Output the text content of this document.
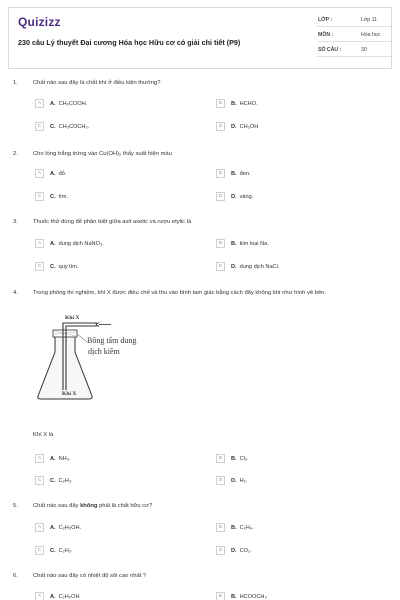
Quizizz
230 câu Lý thuyết Đại cương Hóa học Hữu cơ có giải chi tiết (P9)
LỚP :	Lớp 11
MÔN :	Hóa học
SỐ CÂU :	30
1.	Chất nào sau đây là chất khí ở điều kiện thường?
A	A. CH₃COOH.	B	B. HCHO.
C	C. CH₃COCH₃.	D	D. CH₃OH
2.	Cho lòng trắng trứng vào Cu(OH)₂ thấy xuất hiện màu
A	A. đỏ.	B	B. đen.
C	C. tím.	D	D. vàng.
3.	Thuốc thử dùng để phân biệt giữa axit axetic và rượu etylic là
A	A. dung dịch NaNO₃.	B	B. kim loại Na.
C	C. quỳ tím.	D	D. dung dịch NaCl.
4.	Trong phòng thí nghiệm, khí X được điều chế và thu vào bình tam giác bằng cách đẩy không khí như hình vẽ bên.
Khí X
Bông tẩm dung
dịch kiềm
Khí X
Khí X là
A	A. NH₃.	B	B. Cl₂.
C	C. C₂H₂.	D	D. H₂.
5.	Chất nào sau đây không phải là chất hữu cơ?
A	A. C₂H₅OH.	B	B. C₂H₄.
C	C. C₂H₂.	D	D. CO₂.
6.	Chất nào sau đây có nhiệt độ sôi cao nhất ?
A	A. C₂H₅OH	B	B. HCOOCH₃
